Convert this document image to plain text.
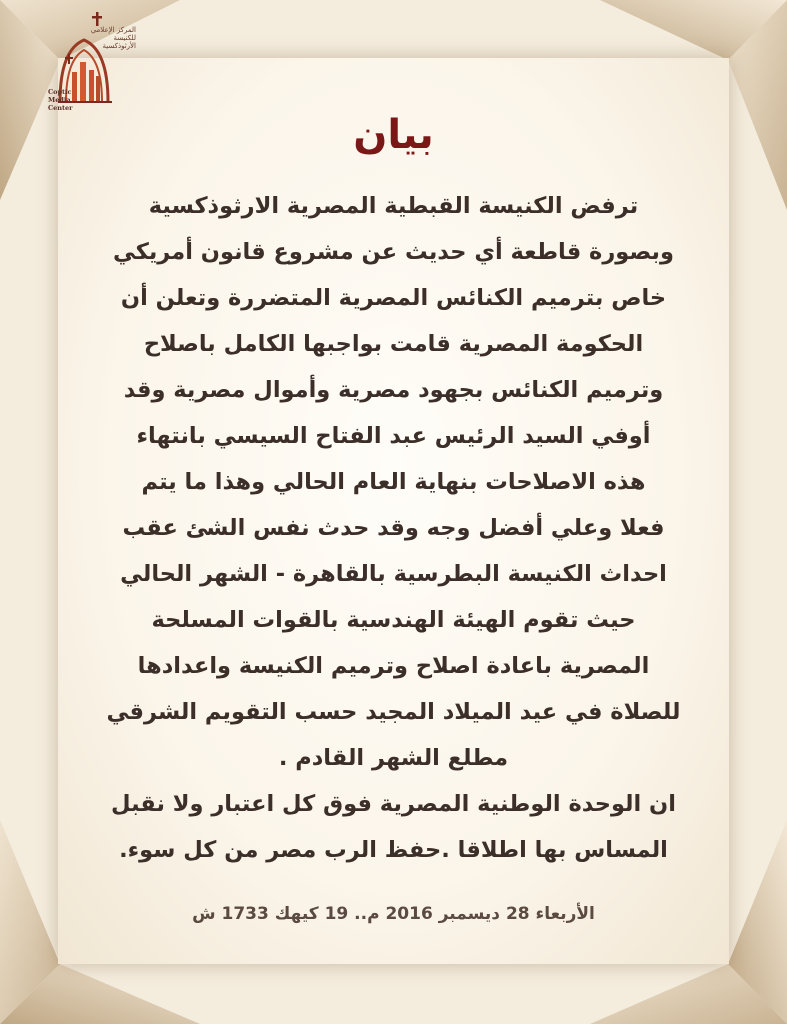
المركز الإعلامي للكنيسة الأرثوذكسية
Coptic
Media
Center
بيان
ترفض الكنيسة القبطية المصرية الارثوذكسية
وبصورة قاطعة أي حديث عن مشروع قانون أمريكي
خاص بترميم الكنائس المصرية المتضررة وتعلن أن
الحكومة المصرية قامت بواجبها الكامل باصلاح
وترميم الكنائس بجهود مصرية وأموال مصرية وقد
أوفي السيد الرئيس عبد الفتاح السيسي بانتهاء
هذه الاصلاحات بنهاية العام الحالي وهذا ما يتم
فعلا وعلي أفضل وجه وقد حدث نفس الشئ عقب
احداث الكنيسة البطرسية بالقاهرة - الشهر الحالي
حيث تقوم الهيئة الهندسية بالقوات المسلحة
المصرية باعادة اصلاح وترميم الكنيسة واعدادها
للصلاة في عيد الميلاد المجيد حسب التقويم الشرقي
مطلع الشهر القادم .
ان الوحدة الوطنية المصرية فوق كل اعتبار ولا نقبل
المساس بها اطلاقا .حفظ الرب مصر من كل سوء.
الأربعاء 28 ديسمبر 2016 م.. 19 كيهك 1733 ش
